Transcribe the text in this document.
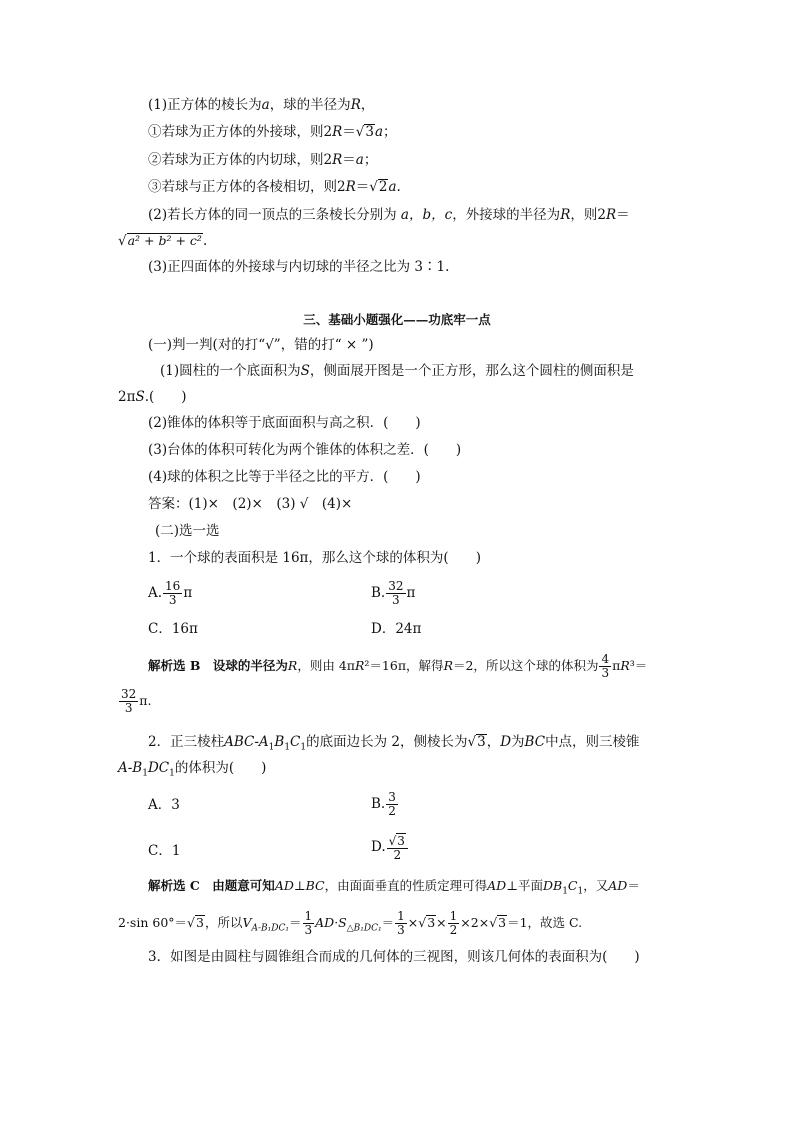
(1)正方体的棱长为a，球的半径为R，
①若球为正方体的外接球，则2R＝√3a；
②若球为正方体的内切球，则2R＝a；
③若球与正方体的各棱相切，则2R＝√2a.
(2)若长方体的同一顶点的三条棱长分别为 a，b，c，外接球的半径为R，则2R＝
√a² + b² + c².
(3)正四面体的外接球与内切球的半径之比为 3∶1.
三、基础小题强化——功底牢一点
(一)判一判(对的打“√”，错的打“ × ”)
(1)圆柱的一个底面积为S，侧面展开图是一个正方形，那么这个圆柱的侧面积是
2πS.(　　)
(2)锥体的体积等于底面面积与高之积．(　　)
(3)台体的体积可转化为两个锥体的体积之差．(　　)
(4)球的体积之比等于半径之比的平方．(　　)
答案：(1)×　(2)×　(3) √　(4)×
(二)选一选
1．一个球的表面积是 16π，那么这个球的体积为(　　)
A. $\frac{16}{3}$ π	B. $\frac{32}{3}$ π
C．16π	D．24π
解析选 B　设球的半径为R，则由 4πR²＝16π，解得R＝2，所以这个球的体积为 $\frac{4}{3} \pi R^3=$
$\frac{32}{3} \pi$.
2．正三棱柱ABC-$A_1B_1C_1$的底面边长为 2，侧棱长为√3，D为BC中点，则三棱锥
$A-B_1DC_1$的体积为(　　)
A．3	B. $\frac{3}{2}$
C．1	D. $\frac{√3}{2}$
解析选 C　由题意可知AD⊥BC，由面面垂直的性质定理可得AD⊥平面$DB_1C_1$，又AD＝
2·sin 60°＝√3，所以$V_{A-B_1DC_1}= \frac{1}{3} AD\cdot S_{\triangle B_1DC_1}= \frac{1}{3} \times√3\times \frac{1}{2} \times 2\times√3=1$，故选 C.
3．如图是由圆柱与圆锥组合而成的几何体的三视图，则该几何体的表面积为(　　)
